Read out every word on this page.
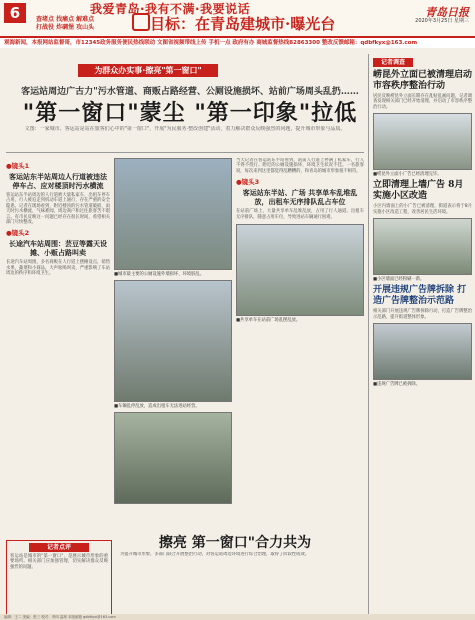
6	我爱青岛·我有不满·我要说话
查堵点 找痛点 解难点
打战役 炸碉堡 攻山头	目标：在青岛建城市·曝光台
青岛日报
2020年3月25日 星期三
观海新闻，本报网站监督哥，市12345政务服务便民热线联动 文图省视频带线上传 手机一点 政府有办 商城监督热线82863300 整改反馈邮箱：qdbfkyx@163.com
为群众办实事·擦亮"第一窗口"
客运站周边广古力"污水管道、商贩占路经营、公厕设施损坏、站前广场周头乱扔……
"第一窗口"蒙尘 "第一印象"拉低
文图：一家城市、客运站是站在旅客们心中的"第一窗口"，开展"为民服务·整改创建"活动，着力解决群众反映强烈的问题，提升城市形象与品质。
●镜头1
客运站东半站周边人行道被违法停车占、应对楼顶时污水横流
客运站东半站周边的人行道被大量私家车、出租车停车占用，行人被迫走到机动车道上通行，存在严重的安全隐患。记者在现场看到，附近楼顶的污水管道破损，雨天时污水横流，气味难闻，周边商户和过往旅客苦不堪言。有市民反映这一问题已经存在很长时间，希望相关部门尽快整改。
●镜头2
长途汽车站周围：芸豆等露天设摊、小贩占路叫卖
长途汽车站周围，多名商贩在人行道上摆摊设点，销售水果、蔬菜和小商品，大声吆喝叫卖，严重影响了车站周边的秩序和环境卫生。	■城市最主要的公厕设施外墙损坏、环境脏乱。
■车辆乱停乱放，造成出租车无法进站经营。
当天记者在客运站东半站看到，站前人行道上停满了私家车，行人不得不绕行。附近的公厕设施损坏，环境卫生状况不佳。一名旅客说，每次来到这里都觉得乱糟糟的，和青岛的城市形象很不相符。
●镜头3
客运站东半站、广场 共享单车乱堆乱放，出租车无序排队乱占车位
在站前广场上，大量共享单车乱堆乱放，占用了行人通道。出租车无序排队，随意占用车位，导致进站车辆通行困难。
■共享单车在站前广场乱摆乱放。
记者点评
客运站是城市的"第一窗口"，是展示城市形象的重要场所。相关部门应加强管理，切实解决群众反映强烈的问题。
擦亮 第一窗口"合力共为
为提升城市形象，多部门联合开展整治行动，对客运站周边环境进行综合治理，取得了阶段性成效。
记者调查
崂昆外立面已被清理启动市容秩序整治行动
居民反映崂昆外立面长期存在乱贴乱画问题，记者调查发现相关部门已经开始清理，并启动了市容秩序整治行动。
■崂昆外立面小广告已经清理完毕。
立即清理上墙广告 8月实施小区改造
小区内墙面上的小广告已被清理，街道表示将于8月实施小区改造工程，改善居民生活环境。
■小区墙面已经粉刷一新。
开展违规广告牌拆除 打造广告牌整治示范路
相关部门开展违规广告牌拆除行动，打造广告牌整治示范路，提升街道整体形象。
■违规广告牌已被拆除。
编辑：王二 美编：张三 校对：李四 监制 本版邮箱 qdbfkyx@163.com
